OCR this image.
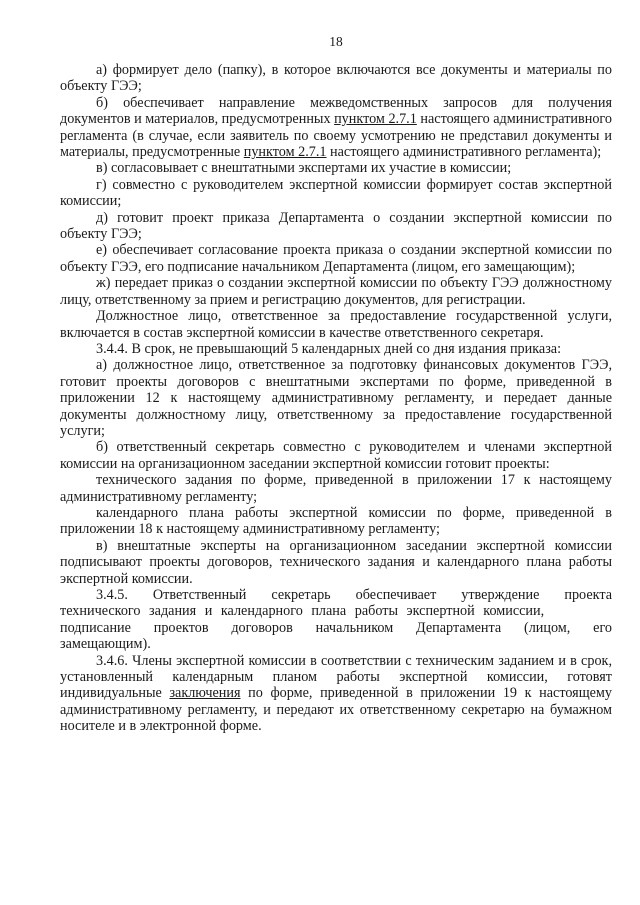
18

а) формирует дело (папку), в которое включаются все документы и материалы по объекту ГЭЭ;

б) обеспечивает направление межведомственных запросов для получения документов и материалов, предусмотренных пунктом 2.7.1 настоящего административного регламента (в случае, если заявитель по своему усмотрению не представил документы и материалы, предусмотренные пунктом 2.7.1 настоящего административного регламента);

в) согласовывает с внештатными экспертами их участие в комиссии;

г) совместно с руководителем экспертной комиссии формирует состав экспертной комиссии;

д) готовит проект приказа Департамента о создании экспертной комиссии по объекту ГЭЭ;

е) обеспечивает согласование проекта приказа о создании экспертной комиссии по объекту ГЭЭ, его подписание начальником Департамента (лицом, его замещающим);

ж) передает приказ о создании экспертной комиссии по объекту ГЭЭ должностному лицу, ответственному за прием и регистрацию документов, для регистрации.

Должностное лицо, ответственное за предоставление государственной услуги, включается в состав экспертной комиссии в качестве ответственного секретаря.

3.4.4. В срок, не превышающий 5 календарных дней со дня издания приказа:

а) должностное лицо, ответственное за подготовку финансовых документов ГЭЭ, готовит проекты договоров с внештатными экспертами по форме, приведенной в приложении 12 к настоящему административному регламенту, и передает данные документы должностному лицу, ответственному за предоставление государственной услуги;

б) ответственный секретарь совместно с руководителем и членами экспертной комиссии на организационном заседании экспертной комиссии готовит проекты:

технического задания по форме, приведенной в приложении 17 к настоящему административному регламенту;

календарного плана работы экспертной комиссии по форме, приведенной в приложении 18 к настоящему административному регламенту;

в) внештатные эксперты на организационном заседании экспертной комиссии подписывают проекты договоров, технического задания и календарного плана работы экспертной комиссии.

3.4.5. Ответственный секретарь обеспечивает утверждение проекта
технического задания и календарного плана работы экспертной комиссии,
подписание проектов договоров начальником Департамента (лицом, его
замещающим).

3.4.6. Члены экспертной комиссии в соответствии с техническим заданием и в срок, установленный календарным планом работы экспертной комиссии, готовят индивидуальные заключения по форме, приведенной в приложении 19 к настоящему административному регламенту, и передают их ответственному секретарю на бумажном носителе и в электронной форме.
